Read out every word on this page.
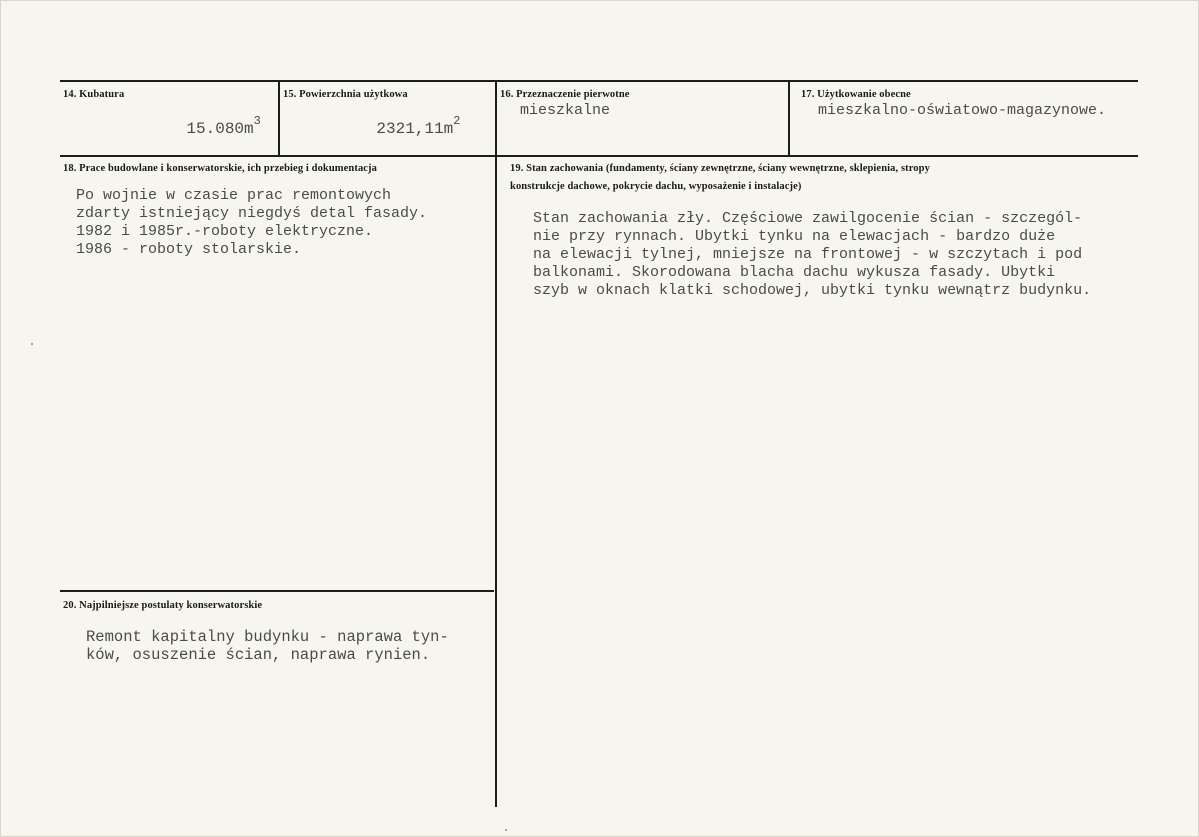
14. Kubatura

$15.080m^3$

15. Powierzchnia użytkowa

$2321,11m^2$

16. Przeznaczenie pierwotne
mieszkalne
17. Użytkowanie obecne
mieszkalno-oświatowo-magazynowe.
18. Prace budowlane i konserwatorskie, ich przebieg i dokumentacja
Po wojnie w czasie prac remontowych
zdarty istniejący niegdyś detal fasady.
1982 i 1985r.-roboty elektryczne.
1986 - roboty stolarskie.
19. Stan zachowania (fundamenty, ściany zewnętrzne, ściany wewnętrzne, sklepienia, stropy
konstrukcje dachowe, pokrycie dachu, wyposażenie i instalacje)
Stan zachowania zły. Częściowe zawilgocenie ścian - szczegól-
nie przy rynnach. Ubytki tynku na elewacjach - bardzo duże
na elewacji tylnej, mniejsze na frontowej - w szczytach i pod
balkonami. Skorodowana blacha dachu wykusza fasady. Ubytki
szyb w oknach klatki schodowej, ubytki tynku wewnątrz budynku.
20. Najpilniejsze postulaty konserwatorskie
Remont kapitalny budynku - naprawa tyn-
ków, osuszenie ścian, naprawa rynien.
